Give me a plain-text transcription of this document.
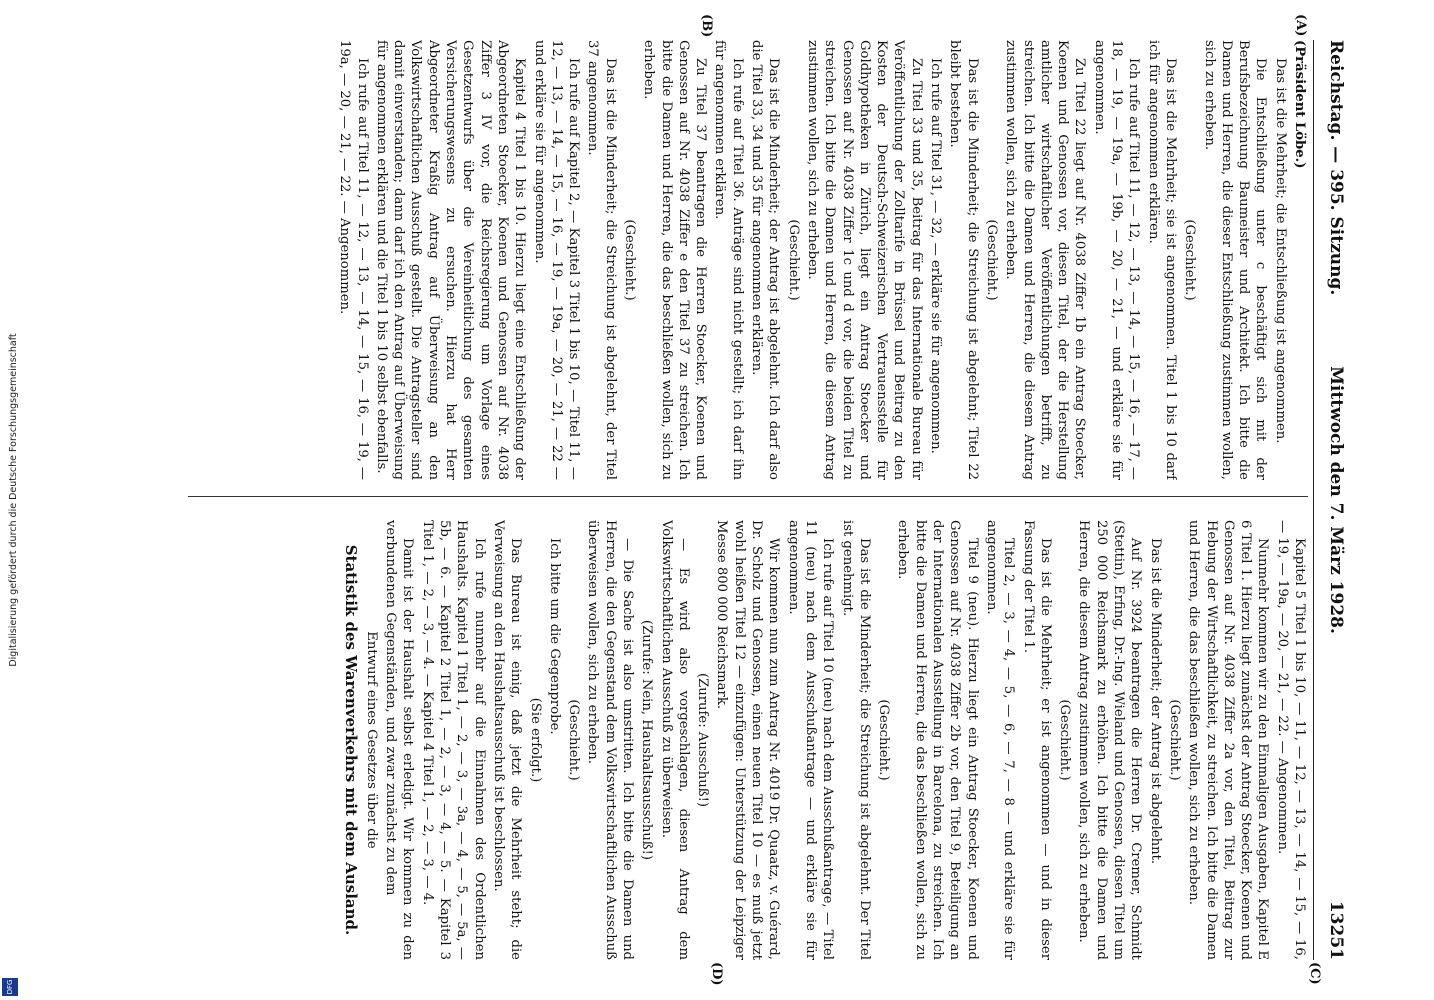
DFG
Digitalisierung gefördert durch die Deutsche Forschungsgemeinschaft
Reichstag. — 395. Sitzung.
Mittwoch den 7. März 1928.
13251
(A)
(B)
(C)
(D)
(Präsident Löbe.)
Das ist die Mehrheit; die Entschließung ist angenommen.
Die Entschließung unter c beschäftigt sich mit der Berufsbezeichnung Baumeister und Architekt. Ich bitte die Damen und Herren, die dieser Entschließung zustimmen wollen, sich zu erheben.
(Geschieht.)
Das ist die Mehrheit; sie ist angenommen. Titel 1 bis 10 darf ich für angenommen erklären.
Ich rufe auf Titel 11, — 12, — 13, — 14, — 15, — 16, — 17, — 18, — 19, — 19a, — 19b, — 20, — 21, — und erkläre sie für angenommen.
Zu Titel 22 liegt auf Nr. 4038 Ziffer 1b ein Antrag Stoecker, Koenen und Genossen vor, diesen Titel, der die Herstellung amtlicher wirtschaftlicher Veröffentlichungen betrifft, zu streichen. Ich bitte die Damen und Herren, die diesem Antrag zustimmen wollen, sich zu erheben.
(Geschieht.)
Das ist die Minderheit; die Streichung ist abgelehnt; Titel 22 bleibt bestehen.
Ich rufe auf Titel 31, — 32, — erkläre sie für angenommen.
Zu Titel 33 und 35, Beitrag für das Internationale Bureau für Veröffentlichung der Zolltarife in Brüssel und Beitrag zu den Kosten der Deutsch-Schweizerischen Vertrauensstelle für Goldhypotheken in Zürich, liegt ein Antrag Stoecker und Genossen auf Nr. 4038 Ziffer 1c und d vor, die beiden Titel zu streichen. Ich bitte die Damen und Herren, die diesem Antrag zustimmen wollen, sich zu erheben.
(Geschieht.)
Das ist die Minderheit; der Antrag ist abgelehnt. Ich darf also die Titel 33, 34 und 35 für angenommen erklären.
Ich rufe auf Titel 36. Anträge sind nicht gestellt; ich darf ihn für angenommen erklären.
Zu Titel 37 beantragen die Herren Stoecker, Koenen und Genossen auf Nr. 4038 Ziffer e den Titel 37 zu streichen. Ich bitte die Damen und Herren, die das beschließen wollen, sich zu erheben.
(Geschieht.)
Das ist die Minderheit; die Streichung ist abgelehnt, der Titel 37 angenommen.
Ich rufe auf Kapitel 2, — Kapitel 3 Titel 1 bis 10, — Titel 11, — 12, — 13, — 14, — 15, — 16, — 19, — 19a, — 20, — 21, — 22 — und erkläre sie für angenommen.
Kapitel 4 Titel 1 bis 10. Hierzu liegt eine Entschließung der Abgeordneten Stoecker, Koenen und Genossen auf Nr. 4038 Ziffer 3 IV vor, die Reichsregierung um Vorlage eines Gesetzentwurfs über die Vereinheitlichung des gesamten Versicherungswesens zu ersuchen. Hierzu hat Herr Abgeordneter Kraßig Antrag auf Überweisung an den Volkswirtschaftlichen Ausschuß gestellt. Die Antragsteller sind damit einverstanden; dann darf ich den Antrag auf Überweisung für angenommen erklären und die Titel 1 bis 10 selbst ebenfalls.
Ich rufe auf Titel 11, — 12, — 13, — 14, — 15, — 16, — 19, — 19a, — 20, — 21, — 22. — Angenommen.
Kapitel 5 Titel 1 bis 10, — 11, — 12, — 13, — 14, — 15, — 16, — 19, — 19a, — 20, — 21, — 22. — Angenommen.
Nunmehr kommen wir zu den Einmaligen Ausgaben, Kapitel E 6 Titel 1. Hierzu liegt zunächst der Antrag Stoecker, Koenen und Genossen auf Nr. 4038 Ziffer 2a vor, den Titel, Beitrag zur Hebung der Wirtschaftlichkeit, zu streichen. Ich bitte die Damen und Herren, die das beschließen wollen, sich zu erheben.
(Geschieht.)
Das ist die Minderheit; der Antrag ist abgelehnt.
Auf Nr. 3924 beantragen die Herren Dr. Cremer, Schmidt (Stettin), Erfing, Dr.-Ing. Wieland und Genossen, diesen Titel um 250 000 Reichsmark zu erhöhen. Ich bitte die Damen und Herren, die diesem Antrag zustimmen wollen, sich zu erheben.
(Geschieht.)
Das ist die Mehrheit; er ist angenommen — und in dieser Fassung der Titel 1.
Titel 2, — 3, — 4, — 5, — 6, — 7, — 8 — und erkläre sie für angenommen.
Titel 9 (neu). Hierzu liegt ein Antrag Stoecker, Koenen und Genossen auf Nr. 4038 Ziffer 2b vor, den Titel 9, Beteiligung an der Internationalen Ausstellung in Barcelona, zu streichen. Ich bitte die Damen und Herren, die das beschließen wollen, sich zu erheben.
(Geschieht.)
Das ist die Minderheit; die Streichung ist abgelehnt. Der Titel ist genehmigt.
Ich rufe auf Titel 10 (neu) nach dem Ausschußantrage, — Titel 11 (neu) nach dem Ausschußantrage — und erkläre sie für angenommen.
Wir kommen nun zum Antrag Nr. 4019 Dr. Quaatz, v. Guérard, Dr. Scholz und Genossen, einen neuen Titel 10 — es muß jetzt wohl heißen Titel 12 — einzufügen: Unterstützung der Leipziger Messe 800 000 Reichsmark.
(Zurufe: Ausschuß!)
— Es wird also vorgeschlagen, diesen Antrag dem Volkswirtschaftlichen Ausschuß zu überweisen.
(Zurufe: Nein, Haushaltsausschuß!)
— Die Sache ist also umstritten. Ich bitte die Damen und Herren, die den Gegenstand dem Volkswirtschaftlichen Ausschuß überweisen wollen, sich zu erheben.
(Geschieht.)
Ich bitte um die Gegenprobe.
(Sie erfolgt.)
Das Bureau ist einig, daß jetzt die Mehrheit steht; die Verweisung an den Haushaltsausschuß ist beschlossen.
Ich rufe nunmehr auf die Einnahmen des Ordentlichen Haushalts. Kapitel 1 Titel 1, — 2, — 3, — 3a, — 4, — 5, — 5a, — 5b, — 6. — Kapitel 2 Titel 1, — 2, — 3, — 4, — 5. — Kapitel 3 Titel 1, — 2, — 3, — 4. — Kapitel 4 Titel 1, — 2, — 3, — 4.
Damit ist der Haushalt selbst erledigt. Wir kommen zu den verbundenen Gegenständen, und zwar zunächst zu dem
Entwurf eines Gesetzes über die
Statistik des Warenverkehrs mit dem Ausland.
